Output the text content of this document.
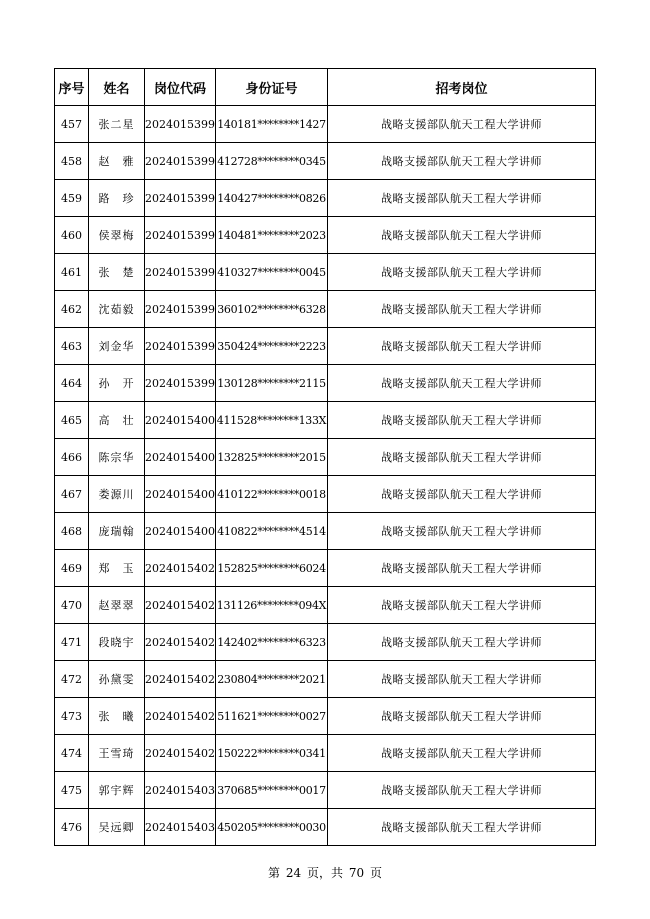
序号	姓名	岗位代码	身份证号	招考岗位
457	张二星	2024015399	140181********1427	战略支援部队航天工程大学讲师
458	赵　雅	2024015399	412728********0345	战略支援部队航天工程大学讲师
459	路　珍	2024015399	140427********0826	战略支援部队航天工程大学讲师
460	侯翠梅	2024015399	140481********2023	战略支援部队航天工程大学讲师
461	张　楚	2024015399	410327********0045	战略支援部队航天工程大学讲师
462	沈茹毅	2024015399	360102********6328	战略支援部队航天工程大学讲师
463	刘金华	2024015399	350424********2223	战略支援部队航天工程大学讲师
464	孙　开	2024015399	130128********2115	战略支援部队航天工程大学讲师
465	高　壮	2024015400	411528********133X	战略支援部队航天工程大学讲师
466	陈宗华	2024015400	132825********2015	战略支援部队航天工程大学讲师
467	娄源川	2024015400	410122********0018	战略支援部队航天工程大学讲师
468	庞瑞翰	2024015400	410822********4514	战略支援部队航天工程大学讲师
469	郑　玉	2024015402	152825********6024	战略支援部队航天工程大学讲师
470	赵翠翠	2024015402	131126********094X	战略支援部队航天工程大学讲师
471	段晓宇	2024015402	142402********6323	战略支援部队航天工程大学讲师
472	孙黛雯	2024015402	230804********2021	战略支援部队航天工程大学讲师
473	张　曦	2024015402	511621********0027	战略支援部队航天工程大学讲师
474	王雪琦	2024015402	150222********0341	战略支援部队航天工程大学讲师
475	郭宇辉	2024015403	370685********0017	战略支援部队航天工程大学讲师
476	吴远卿	2024015403	450205********0030	战略支援部队航天工程大学讲师
第 24 页，共 70 页
